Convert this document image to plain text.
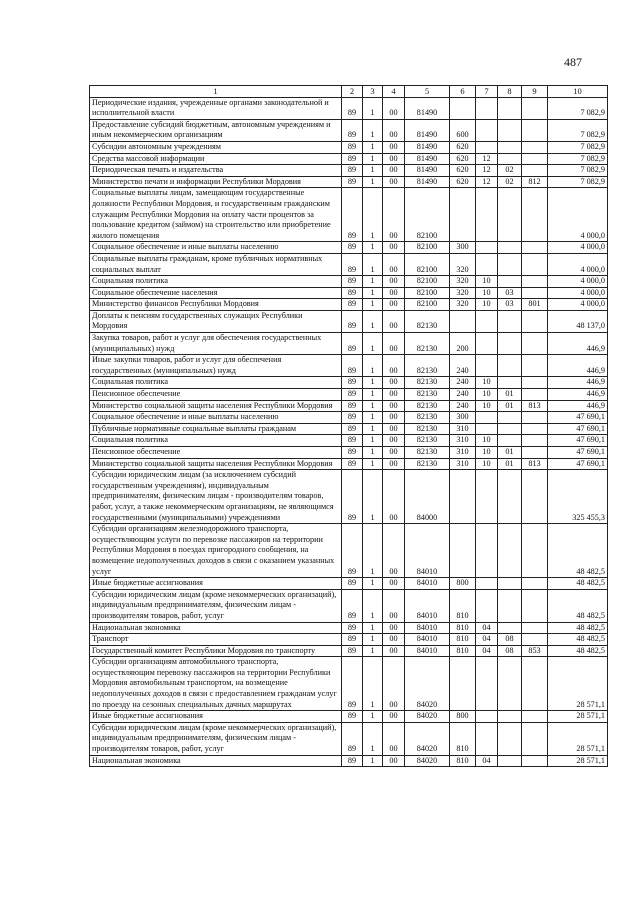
487
1	2	3	4	5	6	7	8	9	10
Периодические издания, учрежденные органами законодательной и исполнительной власти	89	1	00	81490					7 082,9
Предоставление субсидий бюджетным, автономным учреждениям и иным некоммерческим организациям	89	1	00	81490	600				7 082,9
Субсидии автономным учреждениям	89	1	00	81490	620				7 082,9
Средства массовой информации	89	1	00	81490	620	12			7 082,9
Периодическая печать и издательства	89	1	00	81490	620	12	02		7 082,9
Министерство печати и информации Республики Мордовия	89	1	00	81490	620	12	02	812	7 082,9
Социальные выплаты лицам, замещающим государственные должности Республики Мордовия, и государственным гражданским служащим Республики Мордовия на оплату части процентов за пользование кредитом (займом) на строительство или приобретение жилого помещения	89	1	00	82100					4 000,0
Социальное обеспечение и иные выплаты населению	89	1	00	82100	300				4 000,0
Социальные выплаты гражданам, кроме публичных нормативных социальных выплат	89	1	00	82100	320				4 000,0
Социальная политика	89	1	00	82100	320	10			4 000,0
Социальное обеспечение населения	89	1	00	82100	320	10	03		4 000,0
Министерство финансов Республики Мордовия	89	1	00	82100	320	10	03	801	4 000,0
Доплаты к пенсиям государственных служащих Республики Мордовия	89	1	00	82130					48 137,0
Закупка товаров, работ и услуг для обеспечения государственных (муниципальных) нужд	89	1	00	82130	200				446,9
Иные закупки товаров, работ и услуг для обеспечения государственных (муниципальных) нужд	89	1	00	82130	240				446,9
Социальная политика	89	1	00	82130	240	10			446,9
Пенсионное обеспечение	89	1	00	82130	240	10	01		446,9
Министерство социальной защиты населения Республики Мордовия	89	1	00	82130	240	10	01	813	446,9
Социальное обеспечение и иные выплаты населению	89	1	00	82130	300				47 690,1
Публичные нормативные социальные выплаты гражданам	89	1	00	82130	310				47 690,1
Социальная политика	89	1	00	82130	310	10			47 690,1
Пенсионное обеспечение	89	1	00	82130	310	10	01		47 690,1
Министерство социальной защиты населения Республики Мордовия	89	1	00	82130	310	10	01	813	47 690,1
Субсидии юридическим лицам (за исключением субсидий государственным учреждениям), индивидуальным предпринимателям, физическим лицам - производителям товаров, работ, услуг, а также некоммерческим организациям, не являющимся государственными (муниципальными) учреждениями	89	1	00	84000					325 455,3
Субсидии организациям железнодорожного транспорта, осуществляющим услуги по перевозке пассажиров на территории Республики Мордовия в поездах пригородного сообщения, на возмещение недополученных доходов в связи с оказанием указанных услуг	89	1	00	84010					48 482,5
Иные бюджетные ассигнования	89	1	00	84010	800				48 482,5
Субсидии юридическим лицам (кроме некоммерческих организаций), индивидуальным предпринимателям, физическим лицам - производителям товаров, работ, услуг	89	1	00	84010	810				48 482,5
Национальная экономика	89	1	00	84010	810	04			48 482,5
Транспорт	89	1	00	84010	810	04	08		48 482,5
Государственный комитет Республики Мордовия по транспорту	89	1	00	84010	810	04	08	853	48 482,5
Субсидии организациям автомобильного транспорта, осуществляющим перевозку пассажиров на территории Республики Мордовия автомобильным транспортом, на возмещение недополученных доходов в связи с предоставлением гражданам услуг по проезду на сезонных специальных дачных маршрутах	89	1	00	84020					28 571,1
Иные бюджетные ассигнования	89	1	00	84020	800				28 571,1
Субсидии юридическим лицам (кроме некоммерческих организаций), индивидуальным предпринимателям, физическим лицам - производителям товаров, работ, услуг	89	1	00	84020	810				28 571,1
Национальная экономика	89	1	00	84020	810	04			28 571,1
